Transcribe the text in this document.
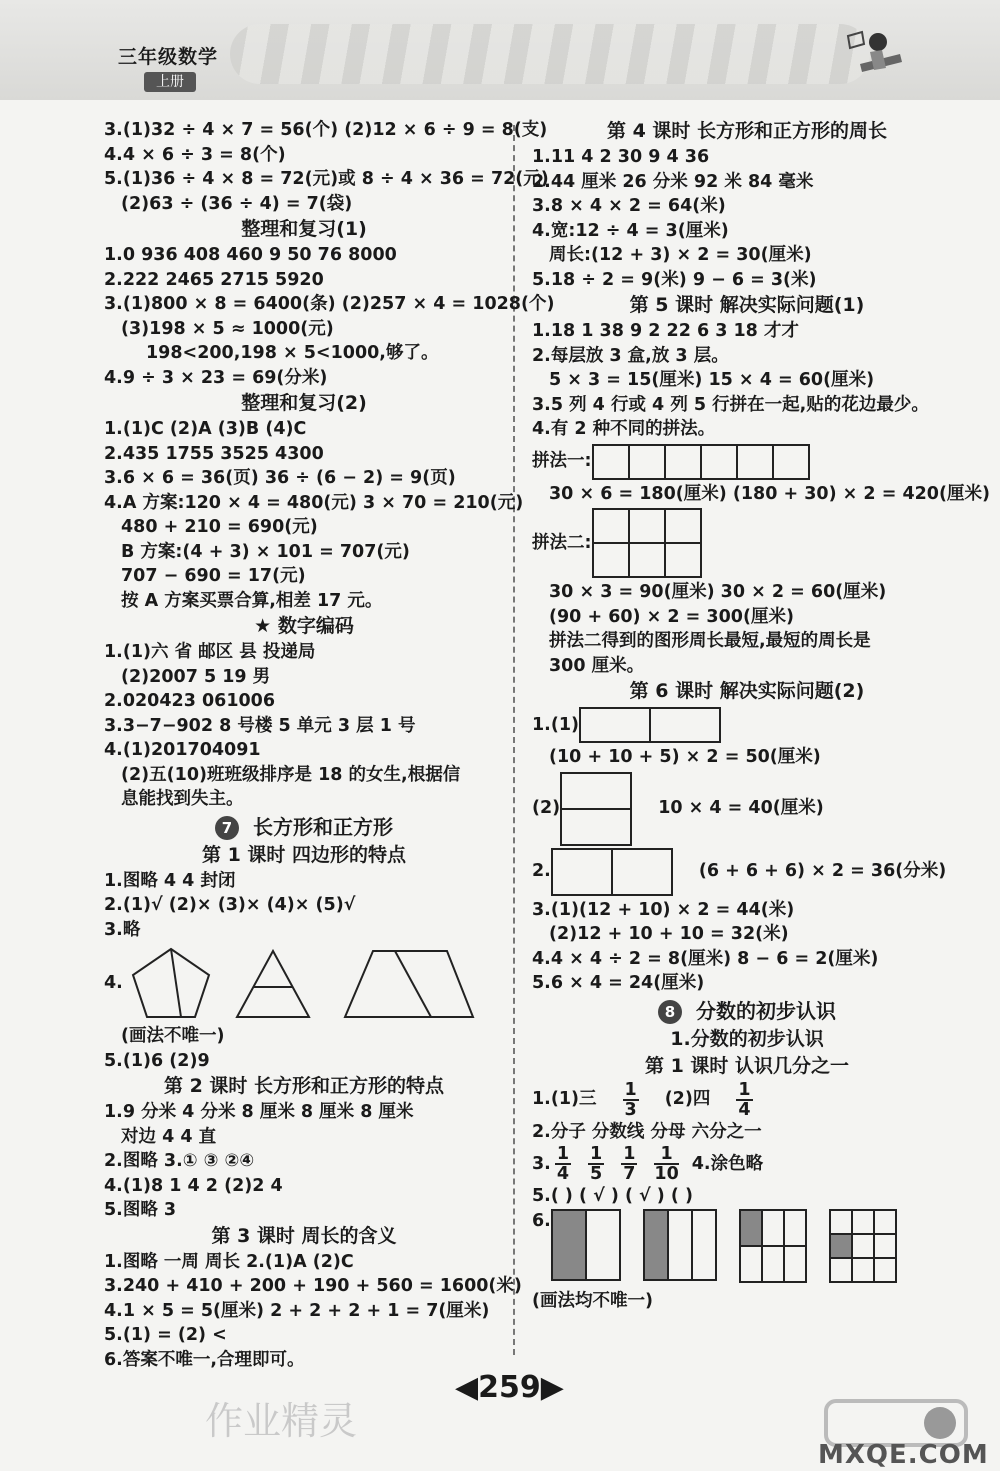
三年级数学
上册
3.(1)32 ÷ 4 × 7 = 56(个) (2)12 × 6 ÷ 9 = 8(支)
4.4 × 6 ÷ 3 = 8(个)
5.(1)36 ÷ 4 × 8 = 72(元)或 8 ÷ 4 × 36 = 72(元)
(2)63 ÷ (36 ÷ 4) = 7(袋)
整理和复习(1)
1.0 936 408 460 9 50 76 8000
2.222 2465 2715 5920
3.(1)800 × 8 = 6400(条) (2)257 × 4 = 1028(个)
(3)198 × 5 ≈ 1000(元)
198<200,198 × 5<1000,够了。
4.9 ÷ 3 × 23 = 69(分米)
整理和复习(2)
1.(1)C (2)A (3)B (4)C
2.435 1755 3525 4300
3.6 × 6 = 36(页) 36 ÷ (6 − 2) = 9(页)
4.A 方案:120 × 4 = 480(元) 3 × 70 = 210(元)
480 + 210 = 690(元)
B 方案:(4 + 3) × 101 = 707(元)
707 − 690 = 17(元)
按 A 方案买票合算,相差 17 元。
★ 数字编码
1.(1)六 省 邮区 县 投递局
(2)2007 5 19 男
2.020423 061006
3.3−7−902 8 号楼 5 单元 3 层 1 号
4.(1)201704091
(2)五(10)班班级排序是 18 的女生,根据信
息能找到失主。
7 长方形和正方形
第 1 课时 四边形的特点
1.图略 4 4 封闭
2.(1)√ (2)× (3)× (4)× (5)√
3.略
4.
(画法不唯一)
5.(1)6 (2)9
第 2 课时 长方形和正方形的特点
1.9 分米 4 分米 8 厘米 8 厘米 8 厘米
对边 4 4 直
2.图略 3.① ③ ②④
4.(1)8 1 4 2 (2)2 4
5.图略 3
第 3 课时 周长的含义
1.图略 一周 周长 2.(1)A (2)C
3.240 + 410 + 200 + 190 + 560 = 1600(米)
4.1 × 5 = 5(厘米) 2 + 2 + 2 + 1 = 7(厘米)
5.(1) = (2) <
6.答案不唯一,合理即可。
第 4 课时 长方形和正方形的周长
1.11 4 2 30 9 4 36
2.44 厘米 26 分米 92 米 84 毫米
3.8 × 4 × 2 = 64(米)
4.宽:12 ÷ 4 = 3(厘米)
周长:(12 + 3) × 2 = 30(厘米)
5.18 ÷ 2 = 9(米) 9 − 6 = 3(米)
第 5 课时 解决实际问题(1)
1.18 1 38 9 2 22 6 3 18 才才
2.每层放 3 盒,放 3 层。
5 × 3 = 15(厘米) 15 × 4 = 60(厘米)
3.5 列 4 行或 4 列 5 行拼在一起,贴的花边最少。
4.有 2 种不同的拼法。
拼法一:

30 × 6 = 180(厘米) (180 + 30) × 2 = 420(厘米)
拼法二:

30 × 3 = 90(厘米) 30 × 2 = 60(厘米)
(90 + 60) × 2 = 300(厘米)
拼法二得到的图形周长最短,最短的周长是
300 厘米。
第 6 课时 解决实际问题(2)
1.(1)

(10 + 10 + 5) × 2 = 50(厘米)
(2)	10 × 4 = 40(厘米)
2.
		(6 + 6 + 6) × 2 = 36(分米)
3.(1)(12 + 10) × 2 = 44(米)
(2)12 + 10 + 10 = 32(米)
4.4 × 4 ÷ 2 = 8(厘米) 8 − 6 = 2(厘米)
5.6 × 4 = 24(厘米)
8 分数的初步认识
1.分数的初步认识
第 1 课时 认识几分之一
1.(1)三 $\frac{1}{3} (2)$四 $\frac{1}{4}$
2.分子 分数线 分母 六分之一
3. $\frac{1}{4} \frac{1}{5} \frac{1}{7} \frac{1}{10} 4$.涂色略
5.( ) ( √ ) ( √ ) ( )
6.

(画法均不唯一)
◀259▶
作业精灵
MXQE.COM
